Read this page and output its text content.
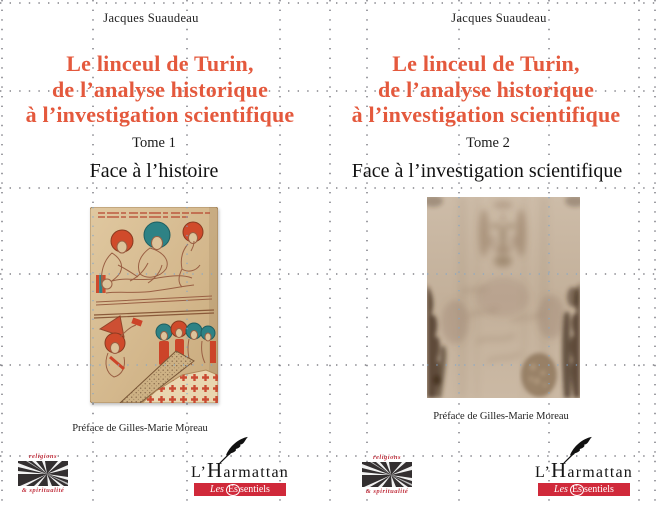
Jacques Suaudeau
Le linceul de Turin,
de l’analyse historique
à l’investigation scientifique
Tome 1
Face à l’histoire
Préface de Gilles-Marie Moreau
religions
& spiritualité
L’Harmattan
Les Es sentiels
Jacques Suaudeau
Le linceul de Turin,
de l’analyse historique
à l’investigation scientifique
Tome 2
Face à l’investigation scientifique
Préface de Gilles-Marie Moreau
religions
& spiritualité
L’Harmattan
Les Es sentiels
